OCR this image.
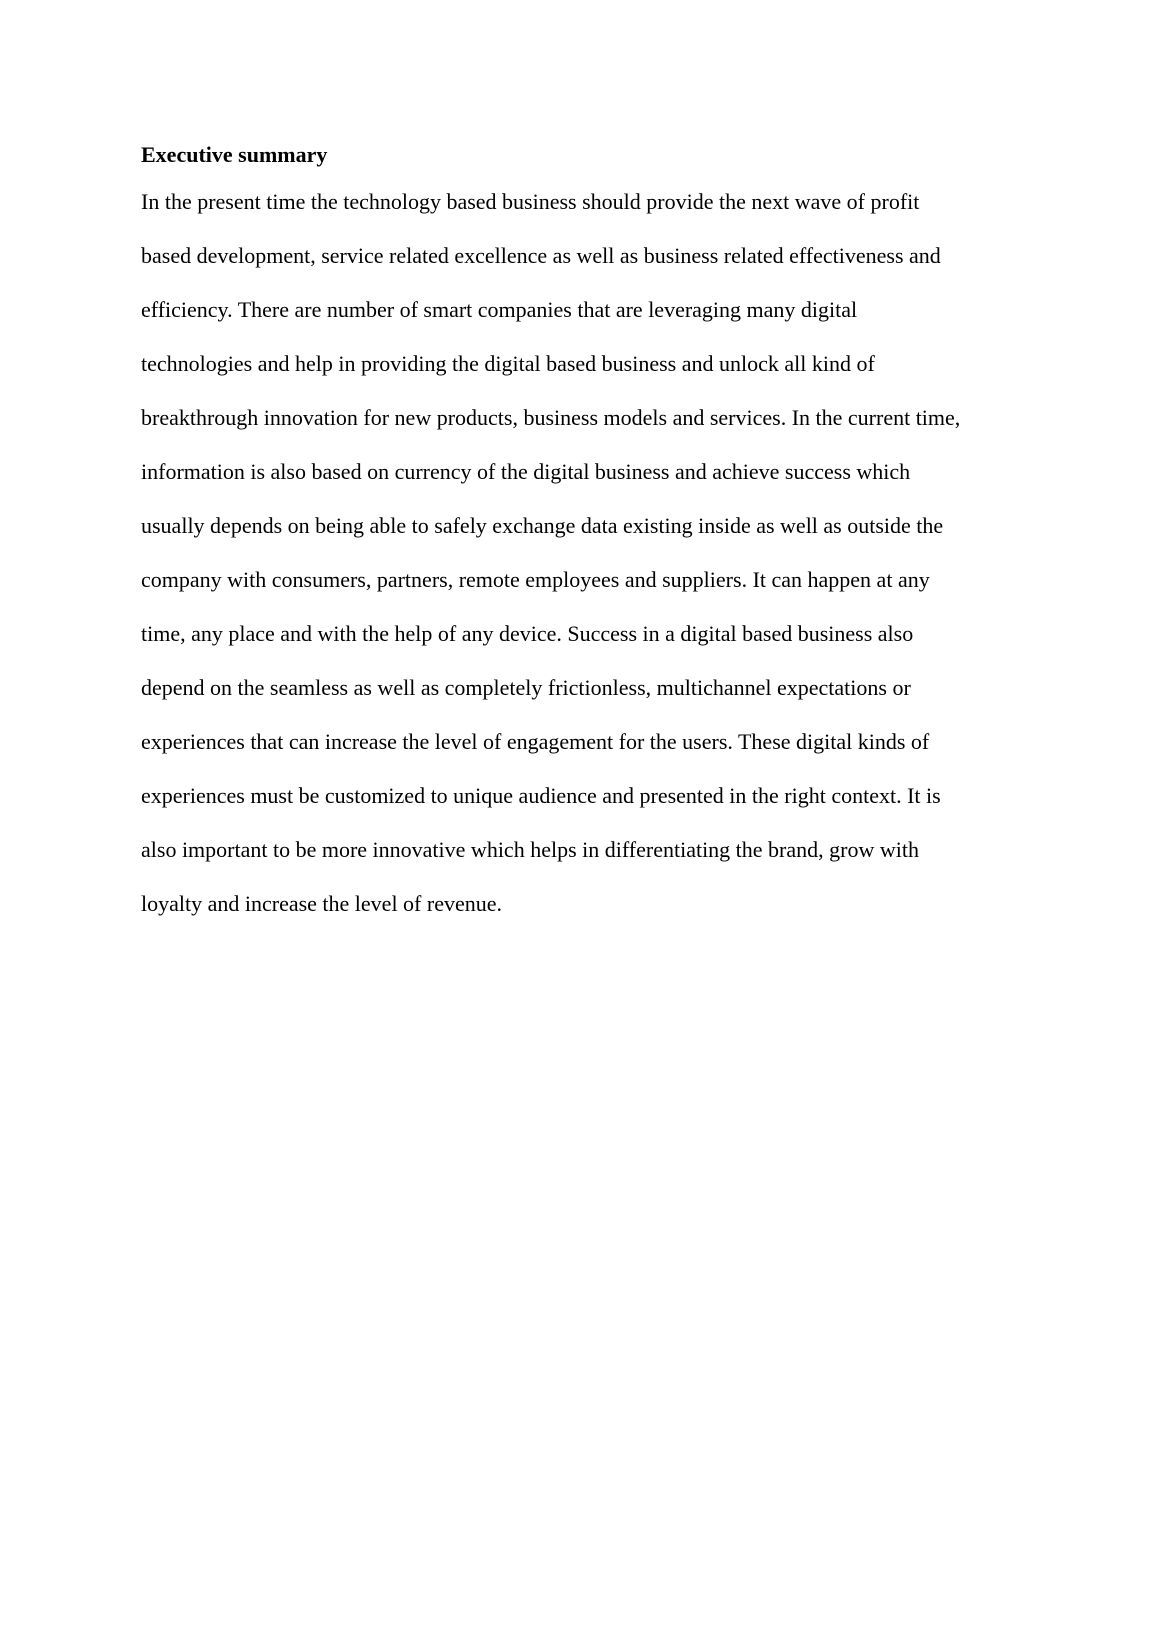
Executive summary
In the present time the technology based business should provide the next wave of profit
based development, service related excellence as well as business related effectiveness and
efficiency. There are number of smart companies that are leveraging many digital
technologies and help in providing the digital based business and unlock all kind of
breakthrough innovation for new products, business models and services. In the current time,
information is also based on currency of the digital business and achieve success which
usually depends on being able to safely exchange data existing inside as well as outside the
company with consumers, partners, remote employees and suppliers. It can happen at any
time, any place and with the help of any device. Success in a digital based business also
depend on the seamless as well as completely frictionless, multichannel expectations or
experiences that can increase the level of engagement for the users. These digital kinds of
experiences must be customized to unique audience and presented in the right context. It is
also important to be more innovative which helps in differentiating the brand, grow with
loyalty and increase the level of revenue.
